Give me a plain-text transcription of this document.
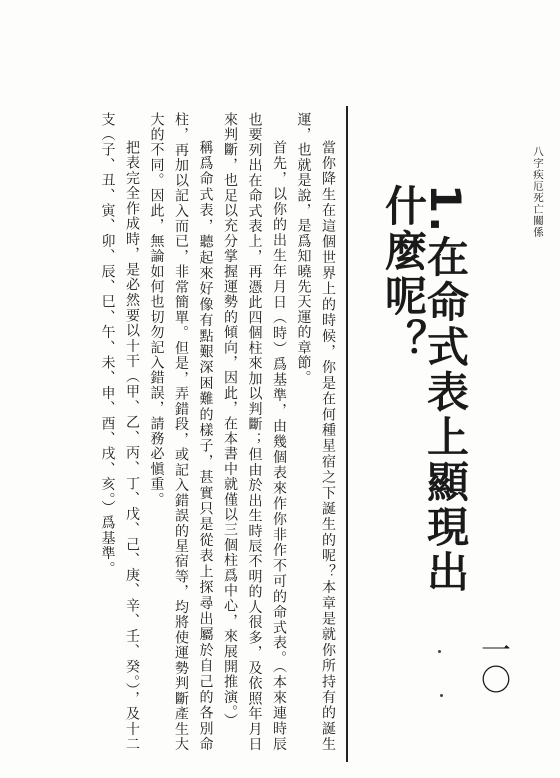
八字疾厄死亡關係
1.在命式表上顯現出什麼呢？
一〇

當你降生在這個世界上的時候，你是在何種星宿之下誕生的呢？本章是就你所持有的誕生運，也就是說，是爲知曉先天運的章節。

首先，以你的出生年月日（時）爲基準，由幾個表來作你非作不可的命式表。（本來連時辰也要列出在命式表上，再憑此四個柱來加以判斷；但由於出生時辰不明的人很多，及依照年月日來判斷，也足以充分掌握運勢的傾向，因此，在本書中就僅以三個柱爲中心，來展開推演。）

稱爲命式表，聽起來好像有點艱深困難的樣子，甚實只是從表上探尋出屬於自己的各別命柱，再加以記入而已，非常簡單。但是，弄錯段，或記入錯誤的星宿等，均將使運勢判斷產生大大的不同。因此，無論如何也切勿記入錯誤，請務必愼重。

把表完全作成時，是必然要以十干（甲、乙、丙、丁、戊、己、庚、辛、壬、癸。），及十二支（子、丑、寅、卯、辰、巳、午、未、申、酉、戌、亥。）爲基準。
